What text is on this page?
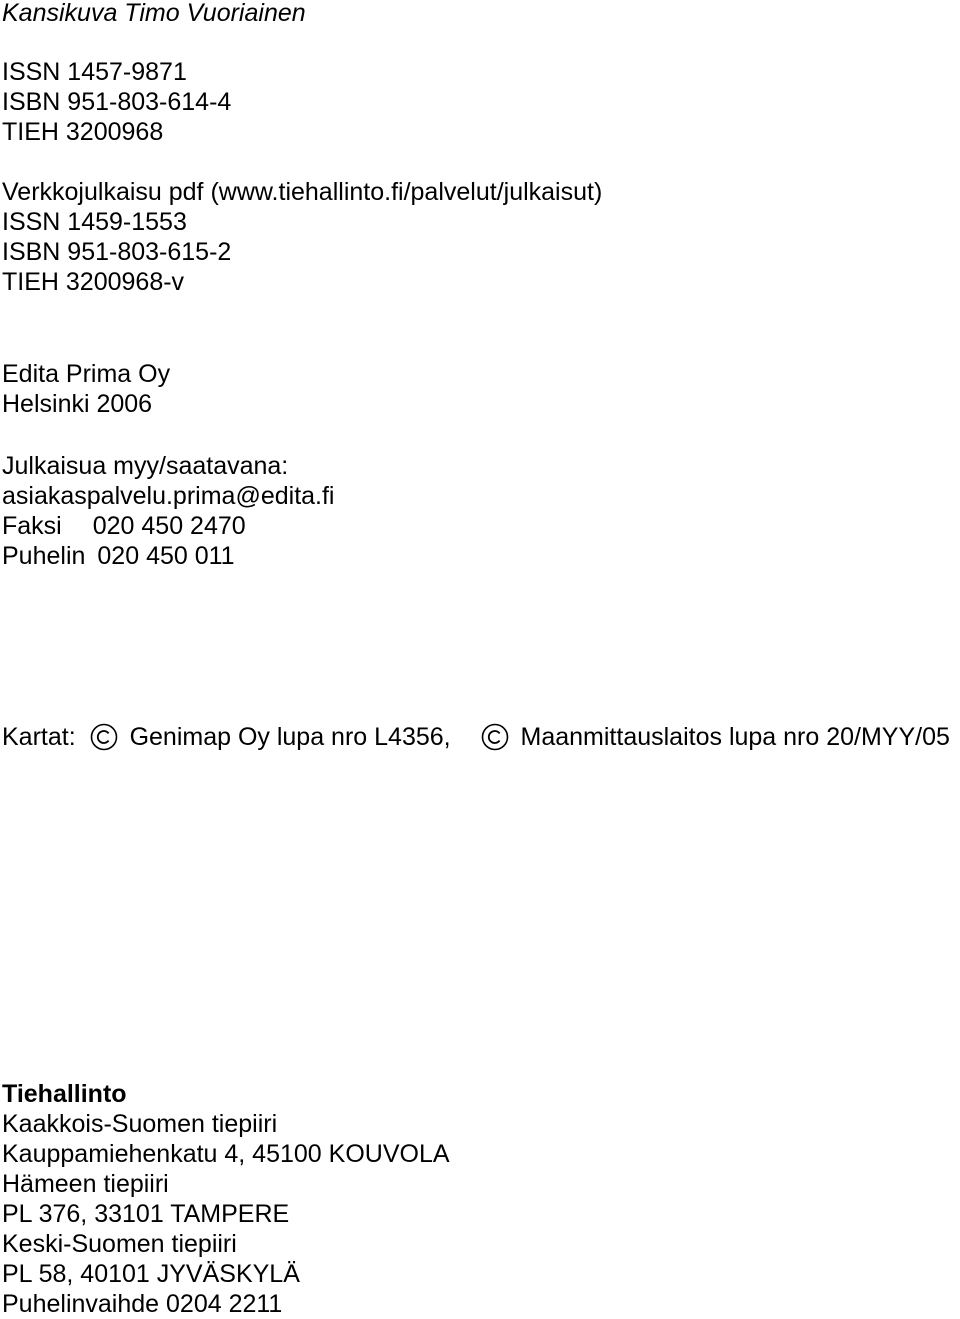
Kansikuva Timo Vuoriainen
ISSN 1457-9871
ISBN 951-803-614-4
TIEH 3200968
Verkkojulkaisu pdf (www.tiehallinto.fi/palvelut/julkaisut)
ISSN 1459-1553
ISBN 951-803-615-2
TIEH 3200968-v
Edita Prima Oy
Helsinki 2006
Julkaisua myy/saatavana:
asiakaspalvelu.prima@edita.fi
Faksi 020 450 2470
Puhelin 020 450 011
Kartat: Genimap Oy lupa nro L4356,	Maanmittauslaitos lupa nro 20/MYY/05
Tiehallinto
Kaakkois-Suomen tiepiiri
Kauppamiehenkatu 4, 45100 KOUVOLA
Hämeen tiepiiri
PL 376, 33101 TAMPERE
Keski-Suomen tiepiiri
PL 58, 40101 JYVÄSKYLÄ
Puhelinvaihde 0204 2211
